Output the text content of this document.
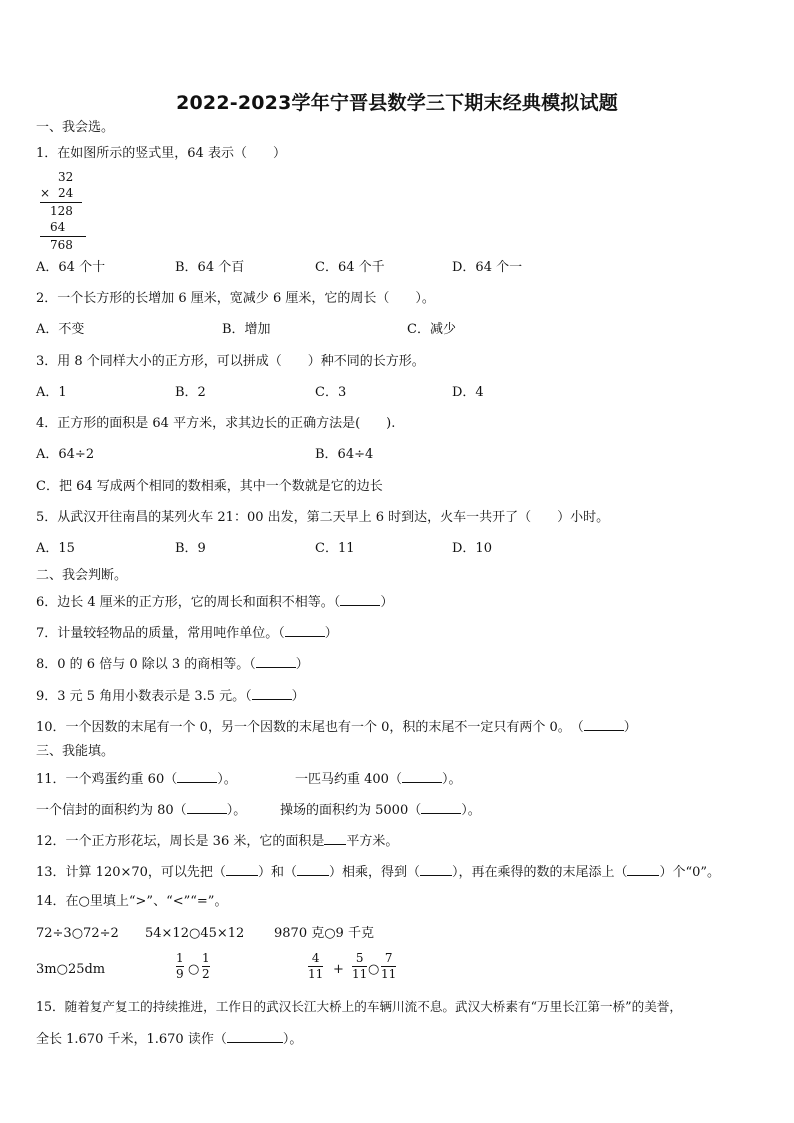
2022-2023学年宁晋县数学三下期末经典模拟试题
一、我会选。
1．在如图所示的竖式里，64 表示（　　）
32
× 24
128
64
768
A．64 个十	B．64 个百	C．64 个千	D．64 个一
2．一个长方形的长增加 6 厘米，宽减少 6 厘米，它的周长（　　）。
A．不变	B．增加	C．减少
3．用 8 个同样大小的正方形，可以拼成（　　）种不同的长方形。
A．1	B．2	C．3	D．4
4．正方形的面积是 64 平方米，求其边长的正确方法是(　　).
A．64÷2	B．64÷4
C．把 64 写成两个相同的数相乘，其中一个数就是它的边长
5．从武汉开往南昌的某列火车 21：00 出发，第二天早上 6 时到达，火车一共开了（　　）小时。
A．15	B．9	C．11	D．10
二、我会判断。
6．边长 4 厘米的正方形，它的周长和面积不相等。（	）
7．计量较轻物品的质量，常用吨作单位。（	）
8．0 的 6 倍与 0 除以 3 的商相等。（	）
9．3 元 5 角用小数表示是 3.5 元。（	）
10．一个因数的末尾有一个 0，另一个因数的末尾也有一个 0，积的末尾不一定只有两个 0。　（	）
三、我能填。
11．一个鸡蛋约重 60（	）。	一匹马约重 400（	）。
一个信封的面积约为 80（	）。	操场的面积约为 5000（	）。
12．一个正方形花坛，周长是 36 米，它的面积是 平方米。
13．计算 120×70，可以先把（ ）和（ ）相乘，得到（ ），再在乘得的数的末尾添上（ ）个“0”。
14．在○里填上“>”、“<”“=”。
72÷3○72÷2 54×12○45×12 9870 克○9 千克
3m○25dm
1
9 ○
1
2
4
11 +
5
11 ○
7
11
15．随着复产复工的持续推进，工作日的武汉长江大桥上的车辆川流不息。武汉大桥素有“万里长江第一桥”的美誉，
全长 1.670 千米，1.670 读作（	）。
